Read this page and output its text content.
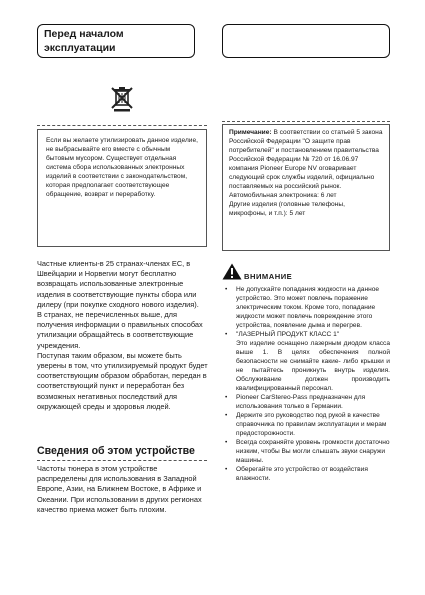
Перед началом эксплуатации

Если вы желаете утилизировать данное изделие, не выбрасывайте его вместе с обычным бытовым мусором. Существует отдельная система сбора использованных электронных изделий в соответствии с законодательством, которая предполагает соответствующее обращение, возврат и переработку.

Частные клиенты-в 25 странах-членах ЕС, в Швейцарии и Норвегии могут бесплатно возвращать использованные электронные изделия в соответствующие пункты сбора или дилеру (при покупке сходного нового изделия).

В странах, не перечисленных выше, для получения информации о правильных способах утилизации обращайтесь в соответствующие учреждения.

Поступая таким образом, вы можете быть уверены в том, что утилизируемый продукт будет соответствующим образом обработан, передан в соответствующий пункт и переработан без возможных негативных последствий для окружающей среды и здоровья людей.

Сведения об этом устройстве
Частоты тюнера в этом устройстве распределены для использования в Западной Европе, Азии, на Ближнем Востоке, в Африке и Океании. При использовании в других регионах качество приема может быть плохим.

Примечание: В соответствии со статьей 5 закона Российской Федерации "О защите прав потребителей" и постановлением правительства Российской Федерации № 720 от 16.06.97 компания Pioneer Europe NV оговаривает следующий срок службы изделий, официально поставляемых на российский рынок.

Автомобильная электроника: 6 лет

Другие изделия (головные телефоны, микрофоны, и т.п.): 5 лет

ВНИМАНИЕ

• Не допускайте попадания жидкости на данное устройство. Это может повлечь поражение электрическим током. Кроме того, попадание жидкости может повлечь повреждение этого устройства, появление дыма и перегрев.

• "ЛАЗЕРНЫЙ ПРОДУКТ КЛАСС 1"

Это изделие оснащено лазерным диодом класса выше 1. В целях обеспечения полной безопасности не снимайте какие- либо крышки и не пытайтесь проникнуть внутрь изделия. Обслуживание должен производить квалифицированный персонал.

• Pioneer CarStereo-Pass предназначен для использования только в Германии.

• Держите это руководство под рукой в качестве справочника по правилам эксплуатации и мерам предосторожности.

• Всегда сохраняйте уровень громкости достаточно низким, чтобы Вы могли слышать звуки снаружи машины.

• Оберегайте это устройство от воздействия влажности.
